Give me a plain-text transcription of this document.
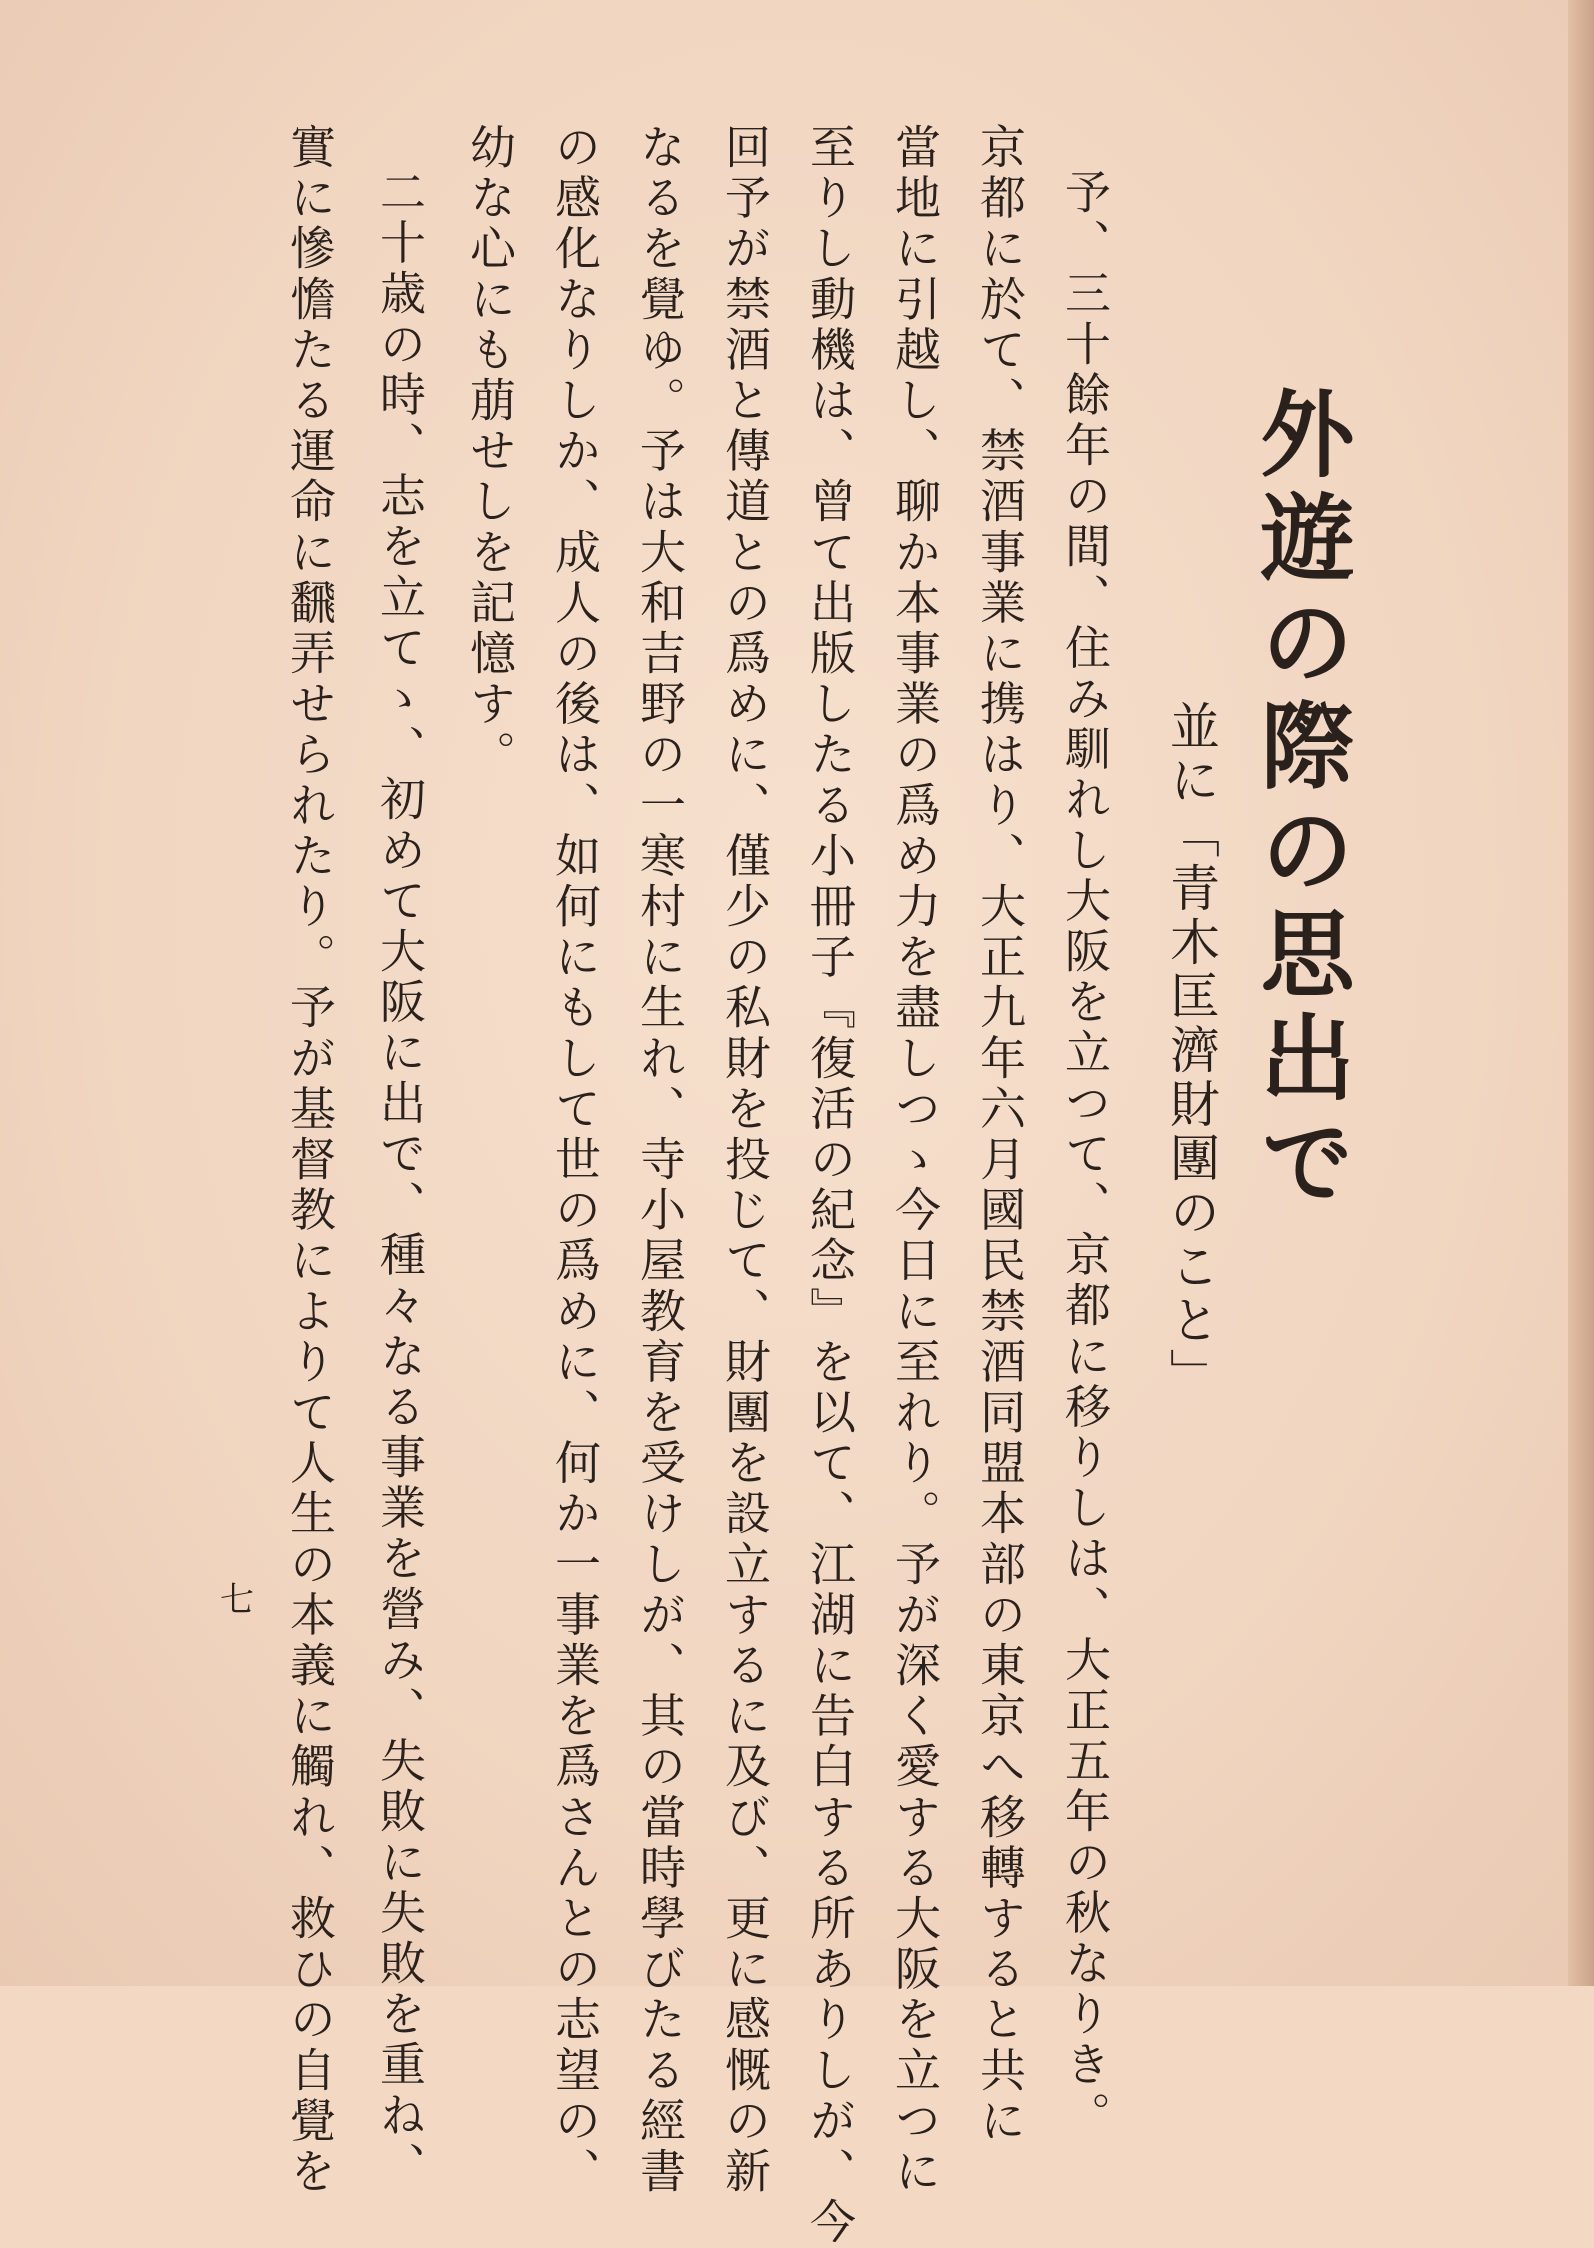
外遊の際の思出で
並に「青木匡濟財團のこと」
予、三十餘年の間、住み馴れし大阪を立つて、京都に移りしは、大正五年の秋なりき。
京都に於て、禁酒事業に携はり、大正九年六月國民禁酒同盟本部の東京へ移轉すると共に
當地に引越し、聊か本事業の爲め力を盡しつゝ今日に至れり。予が深く愛する大阪を立つに
至りし動機は、曾て出版したる小冊子『復活の紀念』を以て、江湖に告白する所ありしが、今
回予が禁酒と傳道との爲めに、僅少の私財を投じて、財團を設立するに及び、更に感慨の新
なるを覺ゆ。予は大和吉野の一寒村に生れ、寺小屋教育を受けしが、其の當時學びたる經書
の感化なりしか、成人の後は、如何にもして世の爲めに、何か一事業を爲さんとの志望の、
幼な心にも萠せしを記憶す。
二十歳の時、志を立てゝ、初めて大阪に出で、種々なる事業を營み、失敗に失敗を重ね、
實に慘憺たる運命に飜弄せられたり。予が基督教によりて人生の本義に觸れ、救ひの自覺を
七
